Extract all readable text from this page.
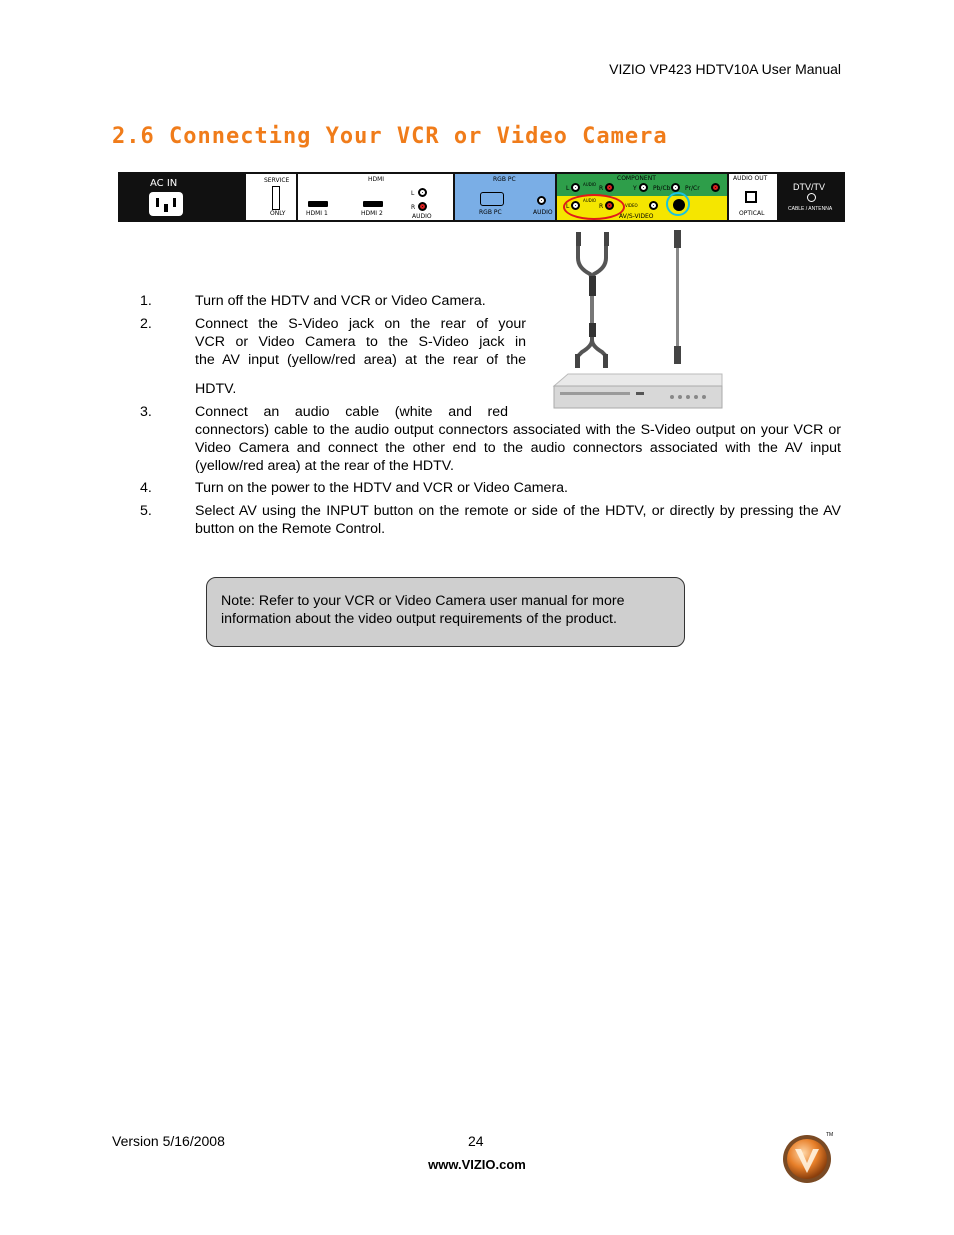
VIZIO VP423 HDTV10A User Manual
2.6 Connecting Your VCR or Video Camera
AC IN	SERVICE
ONLY
HDMI
HDMI 1	HDMI 2
L
R
AUDIO
RGB PC
RGB PC	AUDIO
COMPONENT
L
AUDIO
R	Y	Pb/Cb Pr/Cr
L
AUDIO
R	VIDEO
AV/S-VIDEO	OPTICAL
AUDIO OUT
DTV/TV
CABLE / ANTENNA
1.	Turn off the HDTV and VCR or Video Camera.
2.	Connect the S-Video jack on the rear of your
VCR or Video Camera to the S-Video jack in
the AV input (yellow/red area) at the rear of the
HDTV.
3.	Connect an audio cable (white and red
connectors) cable to the audio output connectors associated with the S-Video output on your VCR or Video Camera and connect the other end to the audio connectors associated with the AV input (yellow/red area) at the rear of the HDTV.
4.	Turn on the power to the HDTV and VCR or Video Camera.
5.	Select AV using the INPUT button on the remote or side of the HDTV, or directly by pressing the AV button on the Remote Control.
Note: Refer to your VCR or Video Camera user manual for more information about the video output requirements of the product.
Version 5/16/2008	24
www.VIZIO.com
TM
